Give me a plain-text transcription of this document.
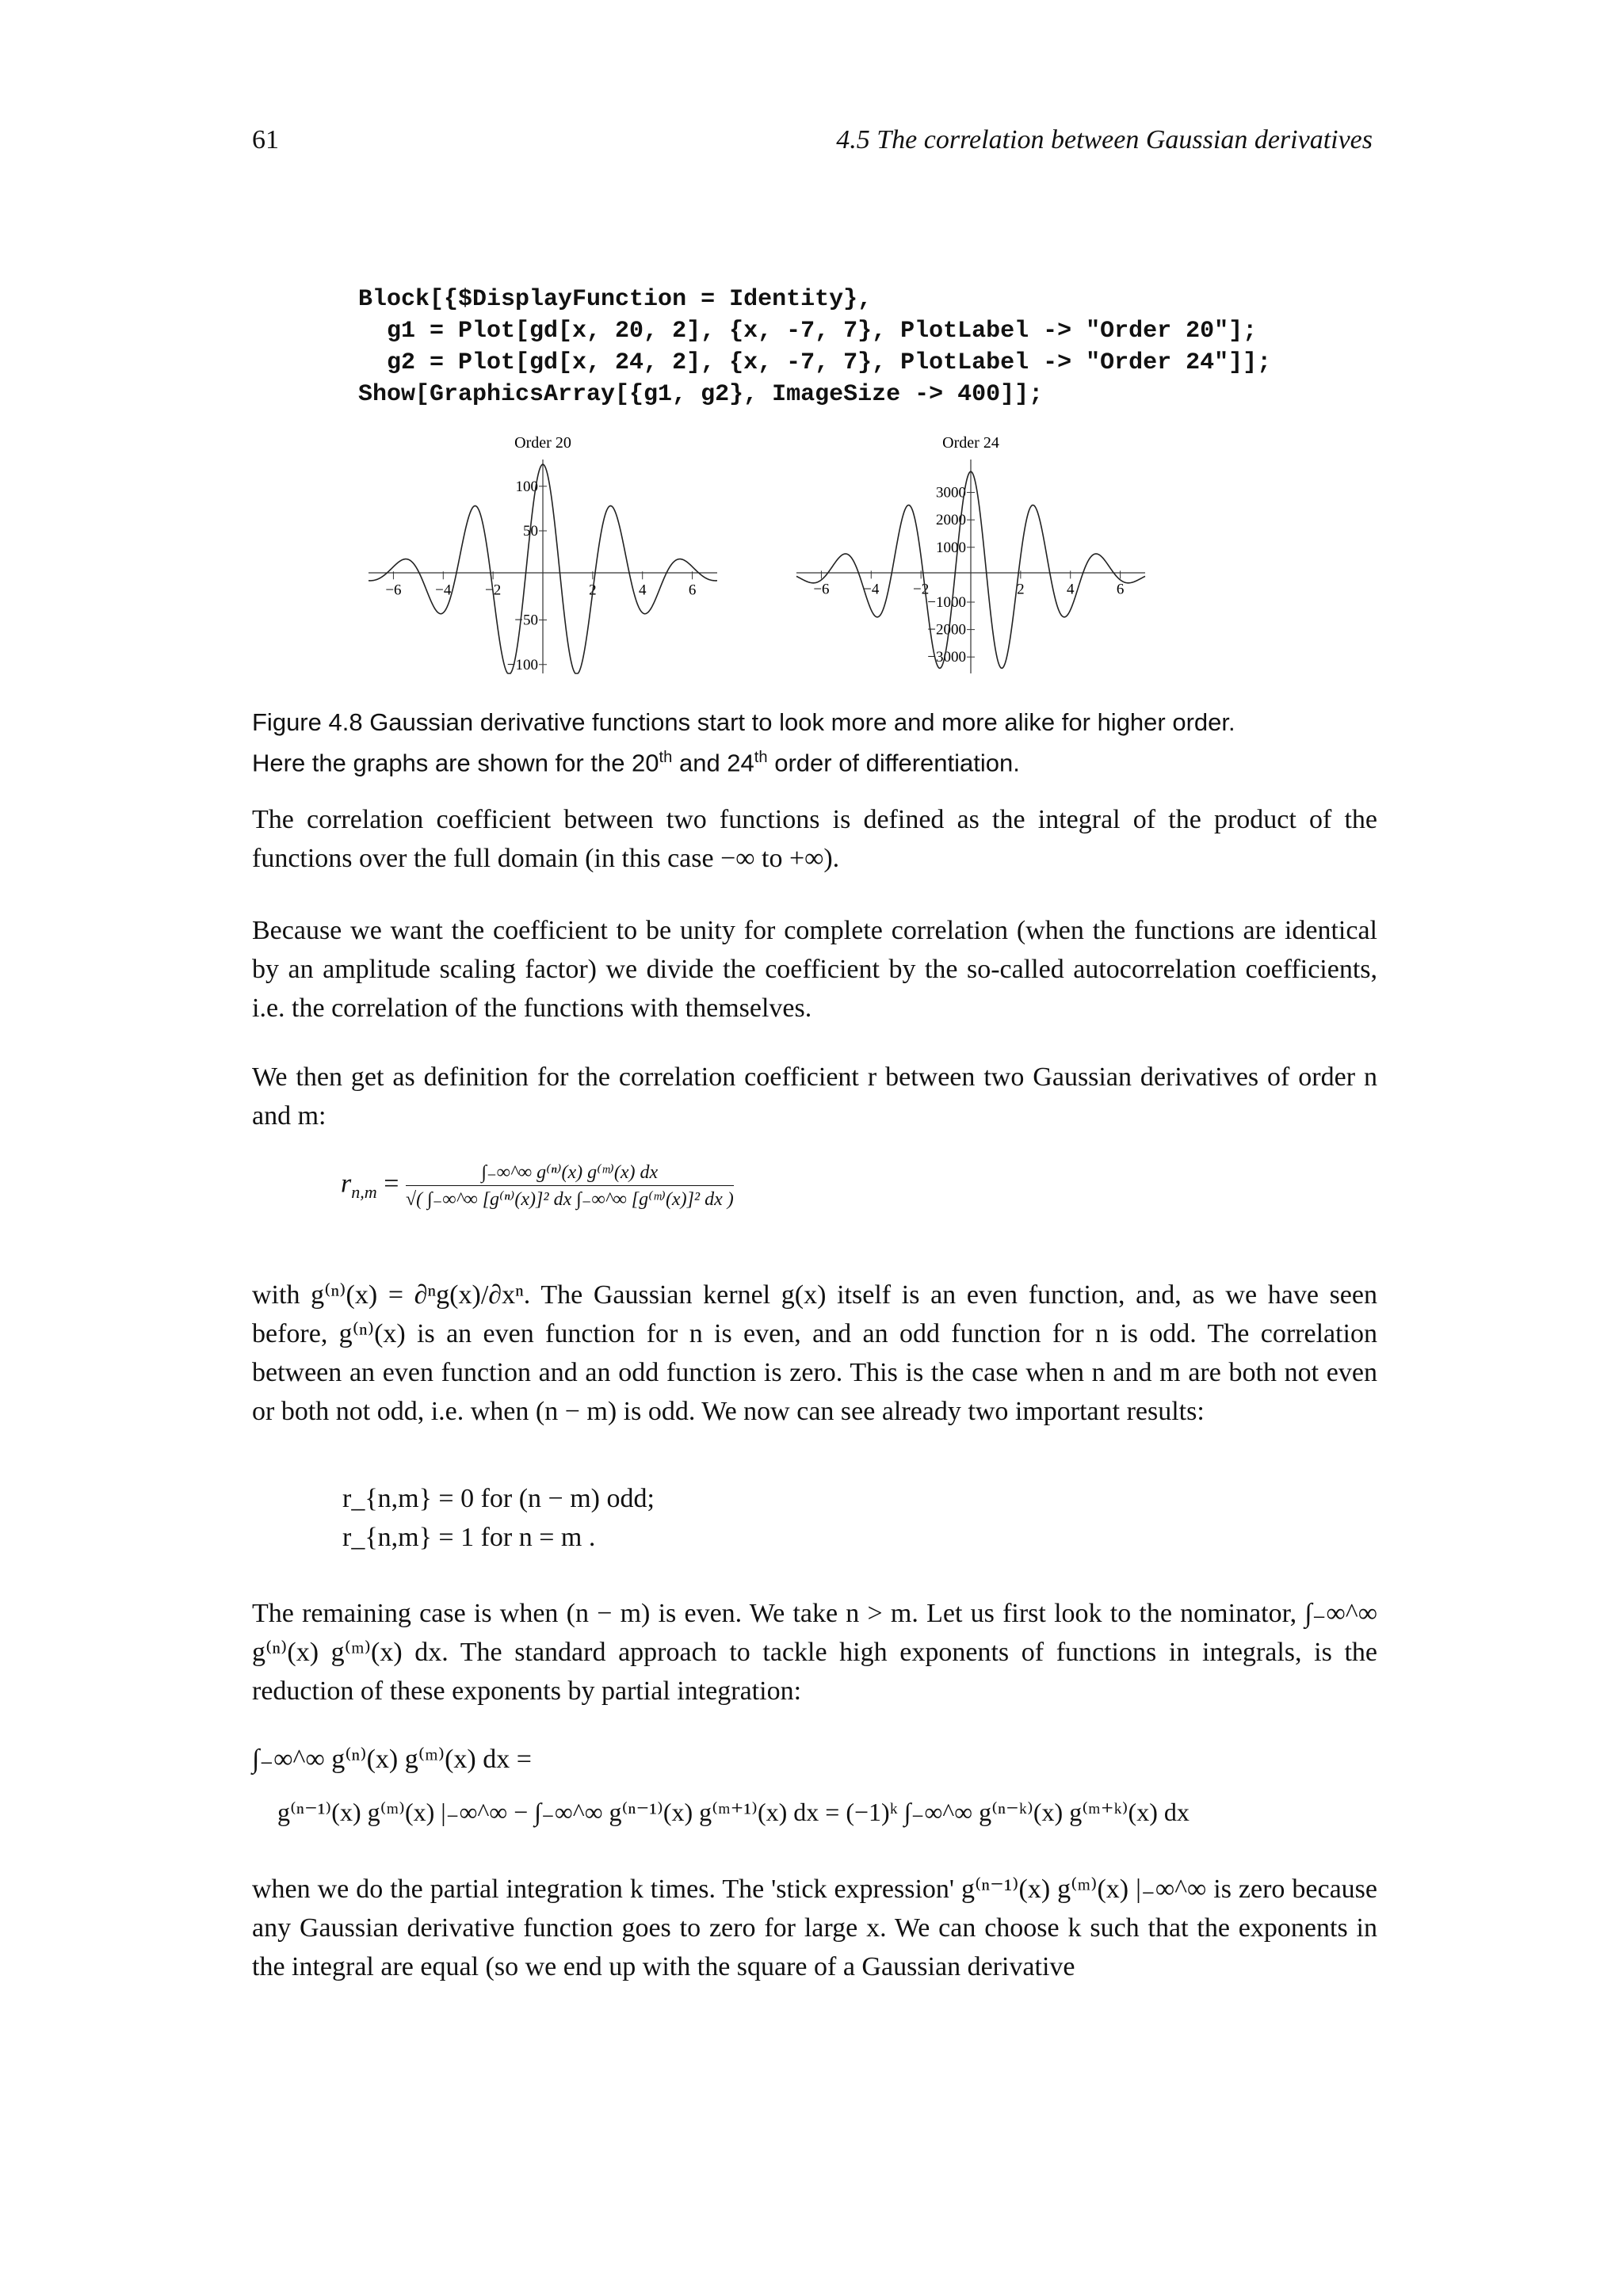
61	4.5 The correlation between Gaussian derivatives
Block[{$DisplayFunction = Identity},
g1 = Plot[gd[x, 20, 2], {x, -7, 7}, PlotLabel -> "Order 20"];
g2 = Plot[gd[x, 24, 2], {x, -7, 7}, PlotLabel -> "Order 24"]];
Show[GraphicsArray[{g1, g2}, ImageSize -> 400]];
Order 20
−6 −4 −2	2	4	6
100
50
−50
−100
Order 24
−6 −4 −2	2	4	6
3000
2000
1000
−1000
−2000
−3000
Figure 4.8 Gaussian derivative functions start to look more and more alike for higher order.
Here the graphs are shown for the 20th and 24th order of differentiation.
The correlation coefficient between two functions is defined as the integral of the product of the functions over the full domain (in this case −∞ to +∞).
Because we want the coefficient to be unity for complete correlation (when the functions are identical by an amplitude scaling factor) we divide the coefficient by the so-called autocorrelation coefficients, i.e. the correlation of the functions with themselves.
We then get as definition for the correlation coefficient r between two Gaussian derivatives of order n and m:
$r_{n,m} = \frac{\text{∫₋∞\textasciicircum{}∞ g⁽ⁿ⁾(x) g⁽ᵐ⁾(x) dx}}{\text{√( ∫₋∞\textasciicircum{}∞ [g⁽ⁿ⁾(x)]² dx ∫₋∞\textasciicircum{}∞ [g⁽ᵐ⁾(x)]² dx )}}$
with g⁽ⁿ⁾(x) = ∂ⁿg(x)/∂xⁿ. The Gaussian kernel g(x) itself is an even function, and, as we have seen before, g⁽ⁿ⁾(x) is an even function for n is even, and an odd function for n is odd. The correlation between an even function and an odd function is zero. This is the case when n and m are both not even or both not odd, i.e. when (n − m) is odd. We now can see already two important results:
r_{n,m} = 0 for (n − m) odd;
r_{n,m} = 1 for n = m .
The remaining case is when (n − m) is even. We take n > m. Let us first look to the nominator, ∫₋∞^∞ g⁽ⁿ⁾(x) g⁽ᵐ⁾(x) dx. The standard approach to tackle high exponents of functions in integrals, is the reduction of these exponents by partial integration:
∫₋∞^∞ g⁽ⁿ⁾(x) g⁽ᵐ⁾(x) dx =
g⁽ⁿ⁻¹⁾(x) g⁽ᵐ⁾(x) |₋∞^∞ − ∫₋∞^∞ g⁽ⁿ⁻¹⁾(x) g⁽ᵐ⁺¹⁾(x) dx = (−1)ᵏ ∫₋∞^∞ g⁽ⁿ⁻ᵏ⁾(x) g⁽ᵐ⁺ᵏ⁾(x) dx
when we do the partial integration k times. The 'stick expression' g⁽ⁿ⁻¹⁾(x) g⁽ᵐ⁾(x) |₋∞^∞ is zero because any Gaussian derivative function goes to zero for large x. We can choose k such that the exponents in the integral are equal (so we end up with the square of a Gaussian derivative
